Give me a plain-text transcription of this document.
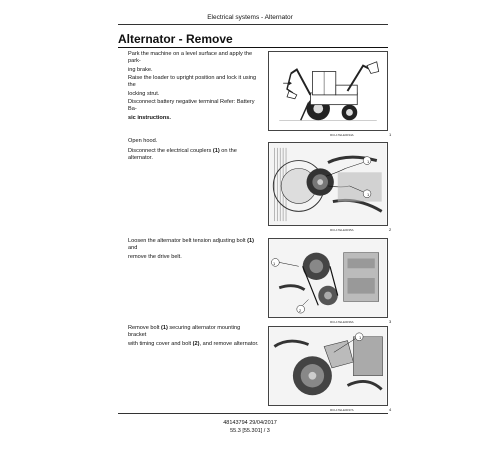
Electrical systems - Alternator
Alternator - Remove

Park the machine on a level surface and apply the park-

ing brake.

Raise the loader to upright position and lock it using the

locking strut.

Disconnect battery negative terminal Refer: Battery Ba-

sic instructions.

RCL17ELE0034A	1

Open hood.

Disconnect the electrical couplers (1) on the alternator.

1
1
RCL17ELE0035A	2

Loosen the alternator belt tension adjusting bolt (1) and

remove the drive belt.

1
2
RCL17ELE0036A	3

Remove bolt (1) securing alternator mounting bracket

with timing cover and bolt (2), and remove alternator.

1
RCL17ELE0037A	4
48143794 29/04/2017
55.3 [55.301] / 3
